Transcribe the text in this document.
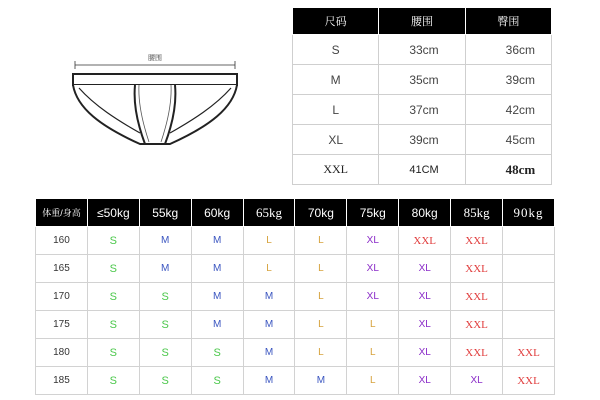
腰围
尺码	腰围	臀围
S	33cm	36cm
M	35cm	39cm
L	37cm	42cm
XL	39cm	45cm
XXL	41CM	48cm
体重/身高	≤50kg	55kg	60kg	65kg	70kg	75kg	80kg	85kg	90kg
160	S	M	M	L	L	XL	XXL	XXL	
165	S	M	M	L	L	XL	XL	XXL	
170	S	S	M	M	L	XL	XL	XXL	
175	S	S	M	M	L	L	XL	XXL	
180	S	S	S	M	L	L	XL	XXL	XXL
185	S	S	S	M	M	L	XL	XL	XXL
